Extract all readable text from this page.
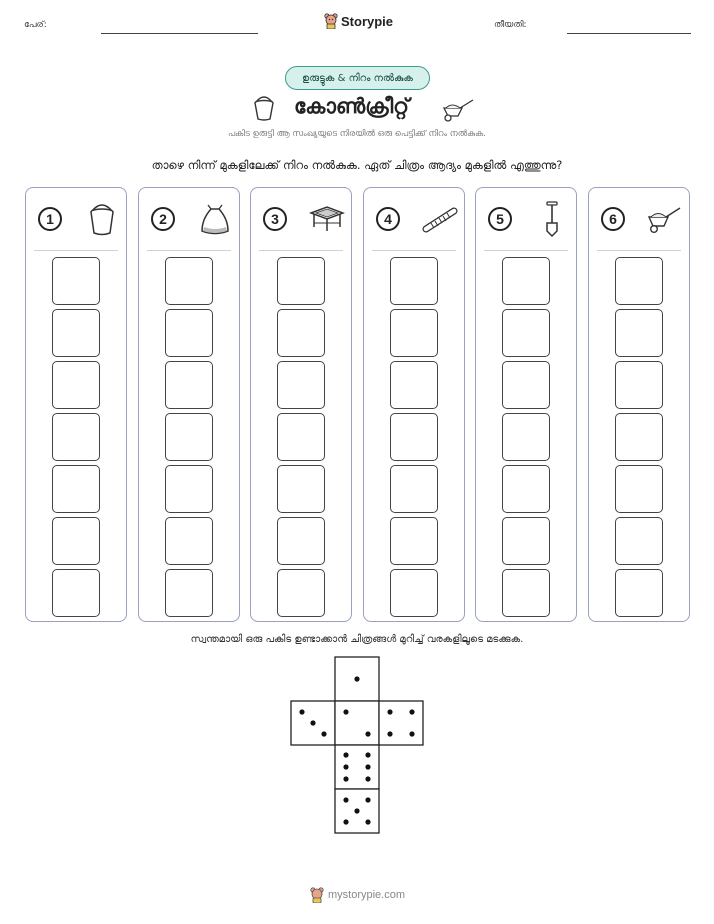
പേര്:	Storypie	തീയതി:
ഉരുട്ടുക & നിറം നൽകുക
കോൺക്രീറ്റ്
പകിട ഉരുട്ടി ആ സംഖ്യയുടെ നിരയിൽ ഒരു പെട്ടിക്ക് നിറം നൽകുക.
താഴെ നിന്ന് മുകളിലേക്ക് നിറം നൽകുക. ഏത് ചിത്രം ആദ്യം മുകളിൽ എത്തുന്നു?
1	2	3	4	5	6
സ്വന്തമായി ഒരു പകിട ഉണ്ടാക്കാൻ ചിത്രങ്ങൾ മുറിച്ച് വരകളിലൂടെ മടക്കുക.
mystorypie.com
